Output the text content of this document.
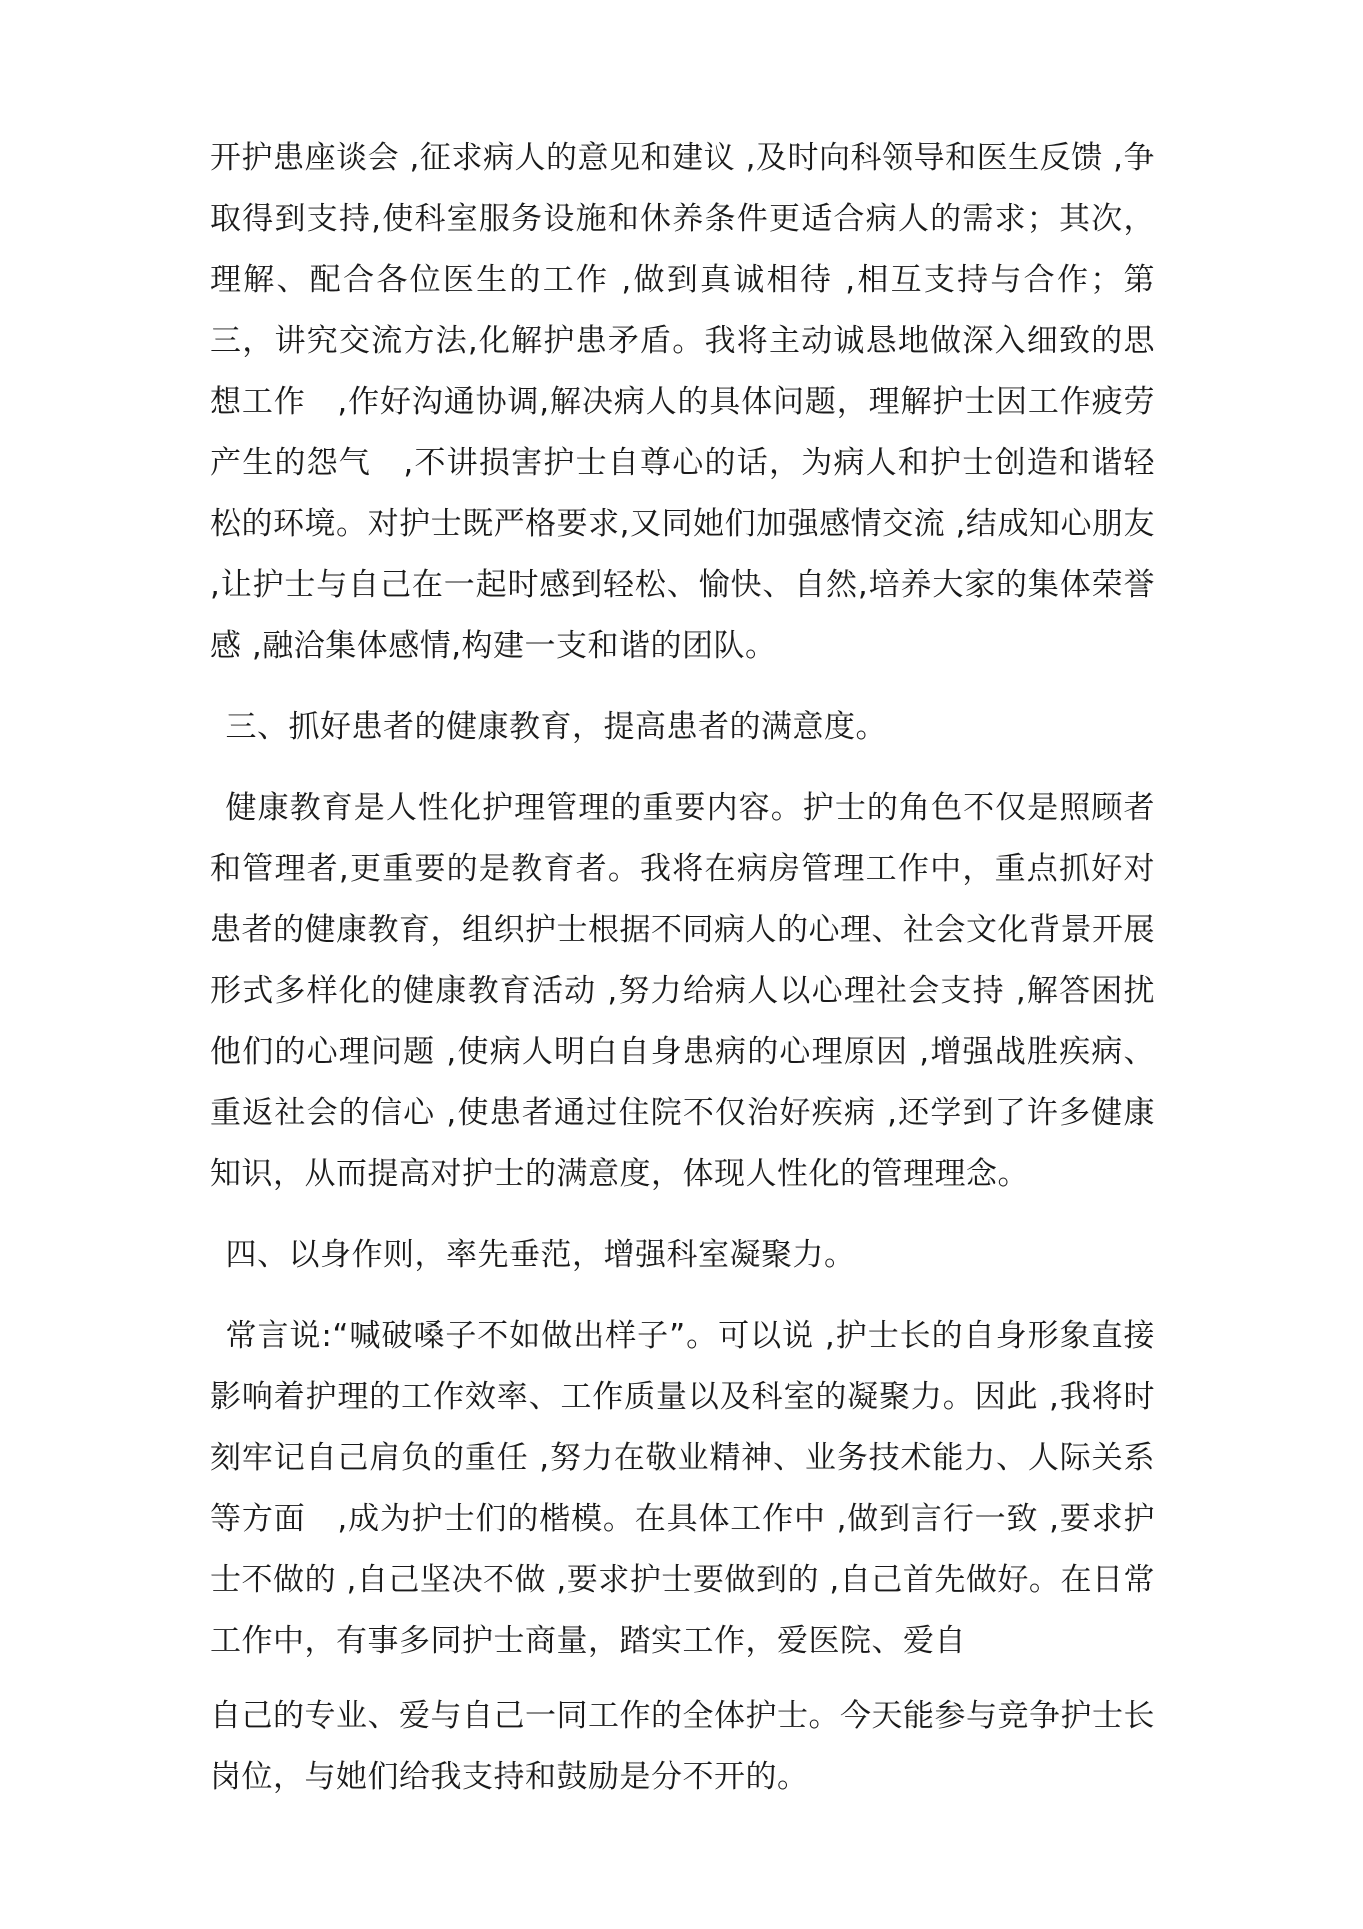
开护患座谈会 ,征求病人的意见和建议 ,及时向科领导和医生反馈 ,争取得到支持,使科室服务设施和休养条件更适合病人的需求；其次，理解、配合各位医生的工作 ,做到真诚相待 ,相互支持与合作；第三，讲究交流方法,化解护患矛盾。我将主动诚恳地做深入细致的思想工作　,作好沟通协调,解决病人的具体问题，理解护士因工作疲劳产生的怨气　,不讲损害护士自尊心的话，为病人和护士创造和谐轻松的环境。对护士既严格要求,又同她们加强感情交流 ,结成知心朋友 ,让护士与自己在一起时感到轻松、愉快、自然,培养大家的集体荣誉感 ,融洽集体感情,构建一支和谐的团队。

三、抓好患者的健康教育，提高患者的满意度。

健康教育是人性化护理管理的重要内容。护士的角色不仅是照顾者和管理者,更重要的是教育者。我将在病房管理工作中，重点抓好对患者的健康教育，组织护士根据不同病人的心理、社会文化背景开展形式多样化的健康教育活动 ,努力给病人以心理社会支持 ,解答困扰他们的心理问题 ,使病人明白自身患病的心理原因 ,增强战胜疾病、重返社会的信心 ,使患者通过住院不仅治好疾病 ,还学到了许多健康知识，从而提高对护士的满意度，体现人性化的管理理念。

四、以身作则，率先垂范，增强科室凝聚力。

常言说:“喊破嗓子不如做出样子”。可以说 ,护士长的自身形象直接影响着护理的工作效率、工作质量以及科室的凝聚力。因此 ,我将时刻牢记自己肩负的重任 ,努力在敬业精神、业务技术能力、人际关系等方面　,成为护士们的楷模。在具体工作中 ,做到言行一致 ,要求护士不做的 ,自己坚决不做 ,要求护士要做到的 ,自己首先做好。在日常工作中，有事多同护士商量，踏实工作，爱医院、爱自

自己的专业、爱与自己一同工作的全体护士。今天能参与竞争护士长岗位，与她们给我支持和鼓励是分不开的。
